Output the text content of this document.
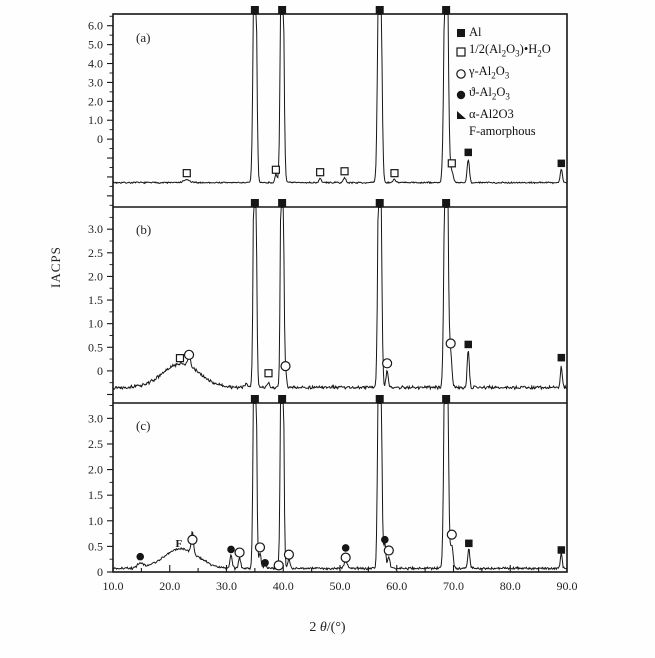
10.0	20.0	30.0	40.0	50.0	60.0	70.0	80.0	90.0
6.0
5.0
4.0
3.0
2.0
1.0
0
3.0
2.5
2.0
1.5
1.0
0.5
0
3.0
2.5
2.0
1.5
1.0
0.5
0
F
(a)
(b)
(c)
IACPS
2 θ/(°)
Al
$1/2(Al_2O_3)•H_2O$
$\gamma-Al_2O_3$
$ϑ-Al_2O_3$
α-Al2O3
F-amorphous
